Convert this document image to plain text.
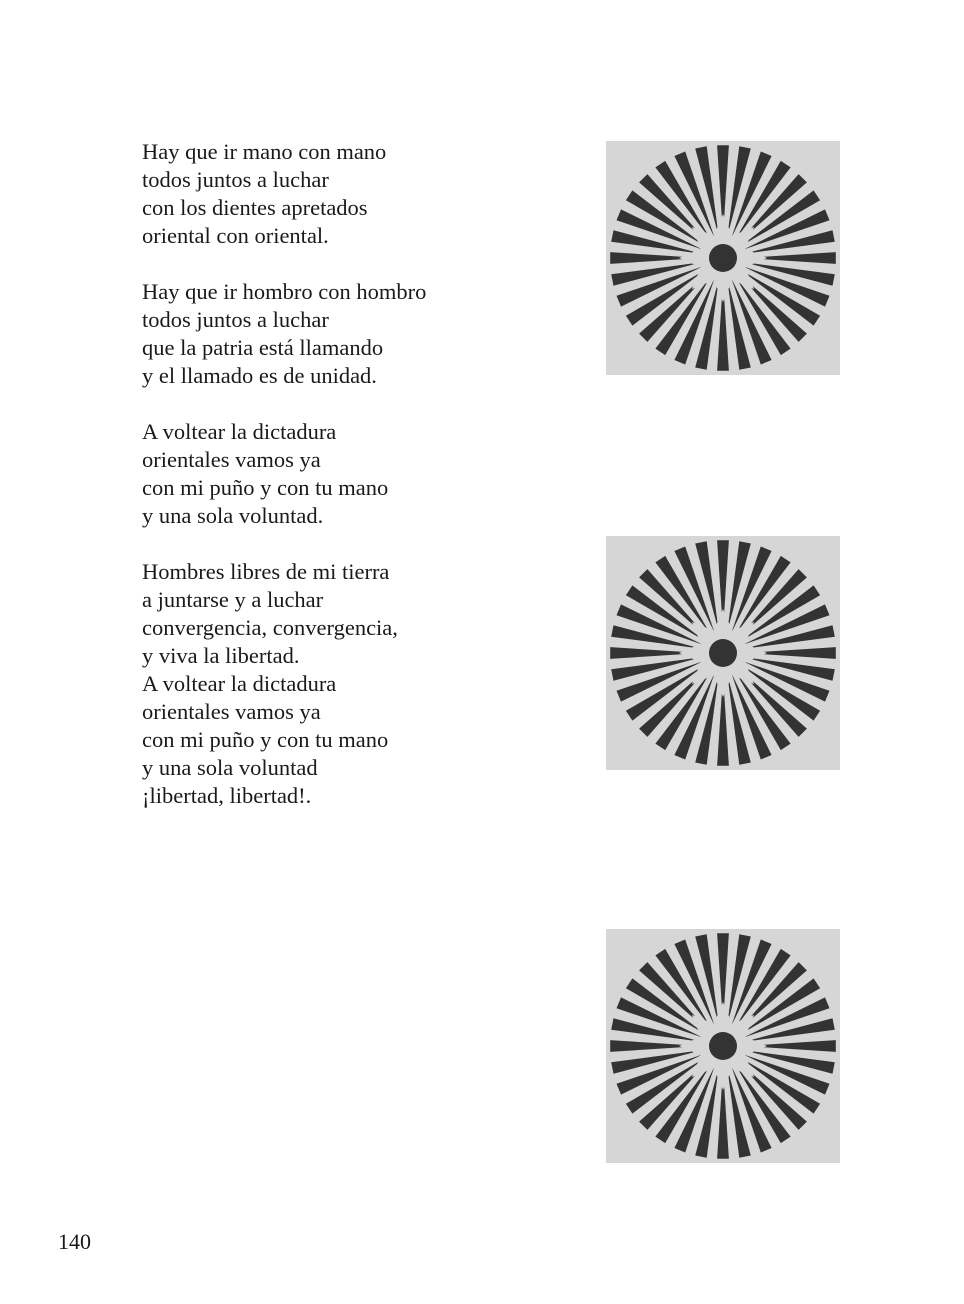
Hay que ir mano con mano
todos juntos a luchar
con los dientes apretados
oriental con oriental.
Hay que ir hombro con hombro
todos juntos a luchar
que la patria está llamando
y el llamado es de unidad.
A voltear la dictadura
orientales vamos ya
con mi puño y con tu mano
y una sola voluntad.
Hombres libres de mi tierra
a juntarse y a luchar
convergencia, convergencia,
y viva la libertad.
A voltear la dictadura
orientales vamos ya
con mi puño y con tu mano
y una sola voluntad
¡libertad, libertad!.
140
